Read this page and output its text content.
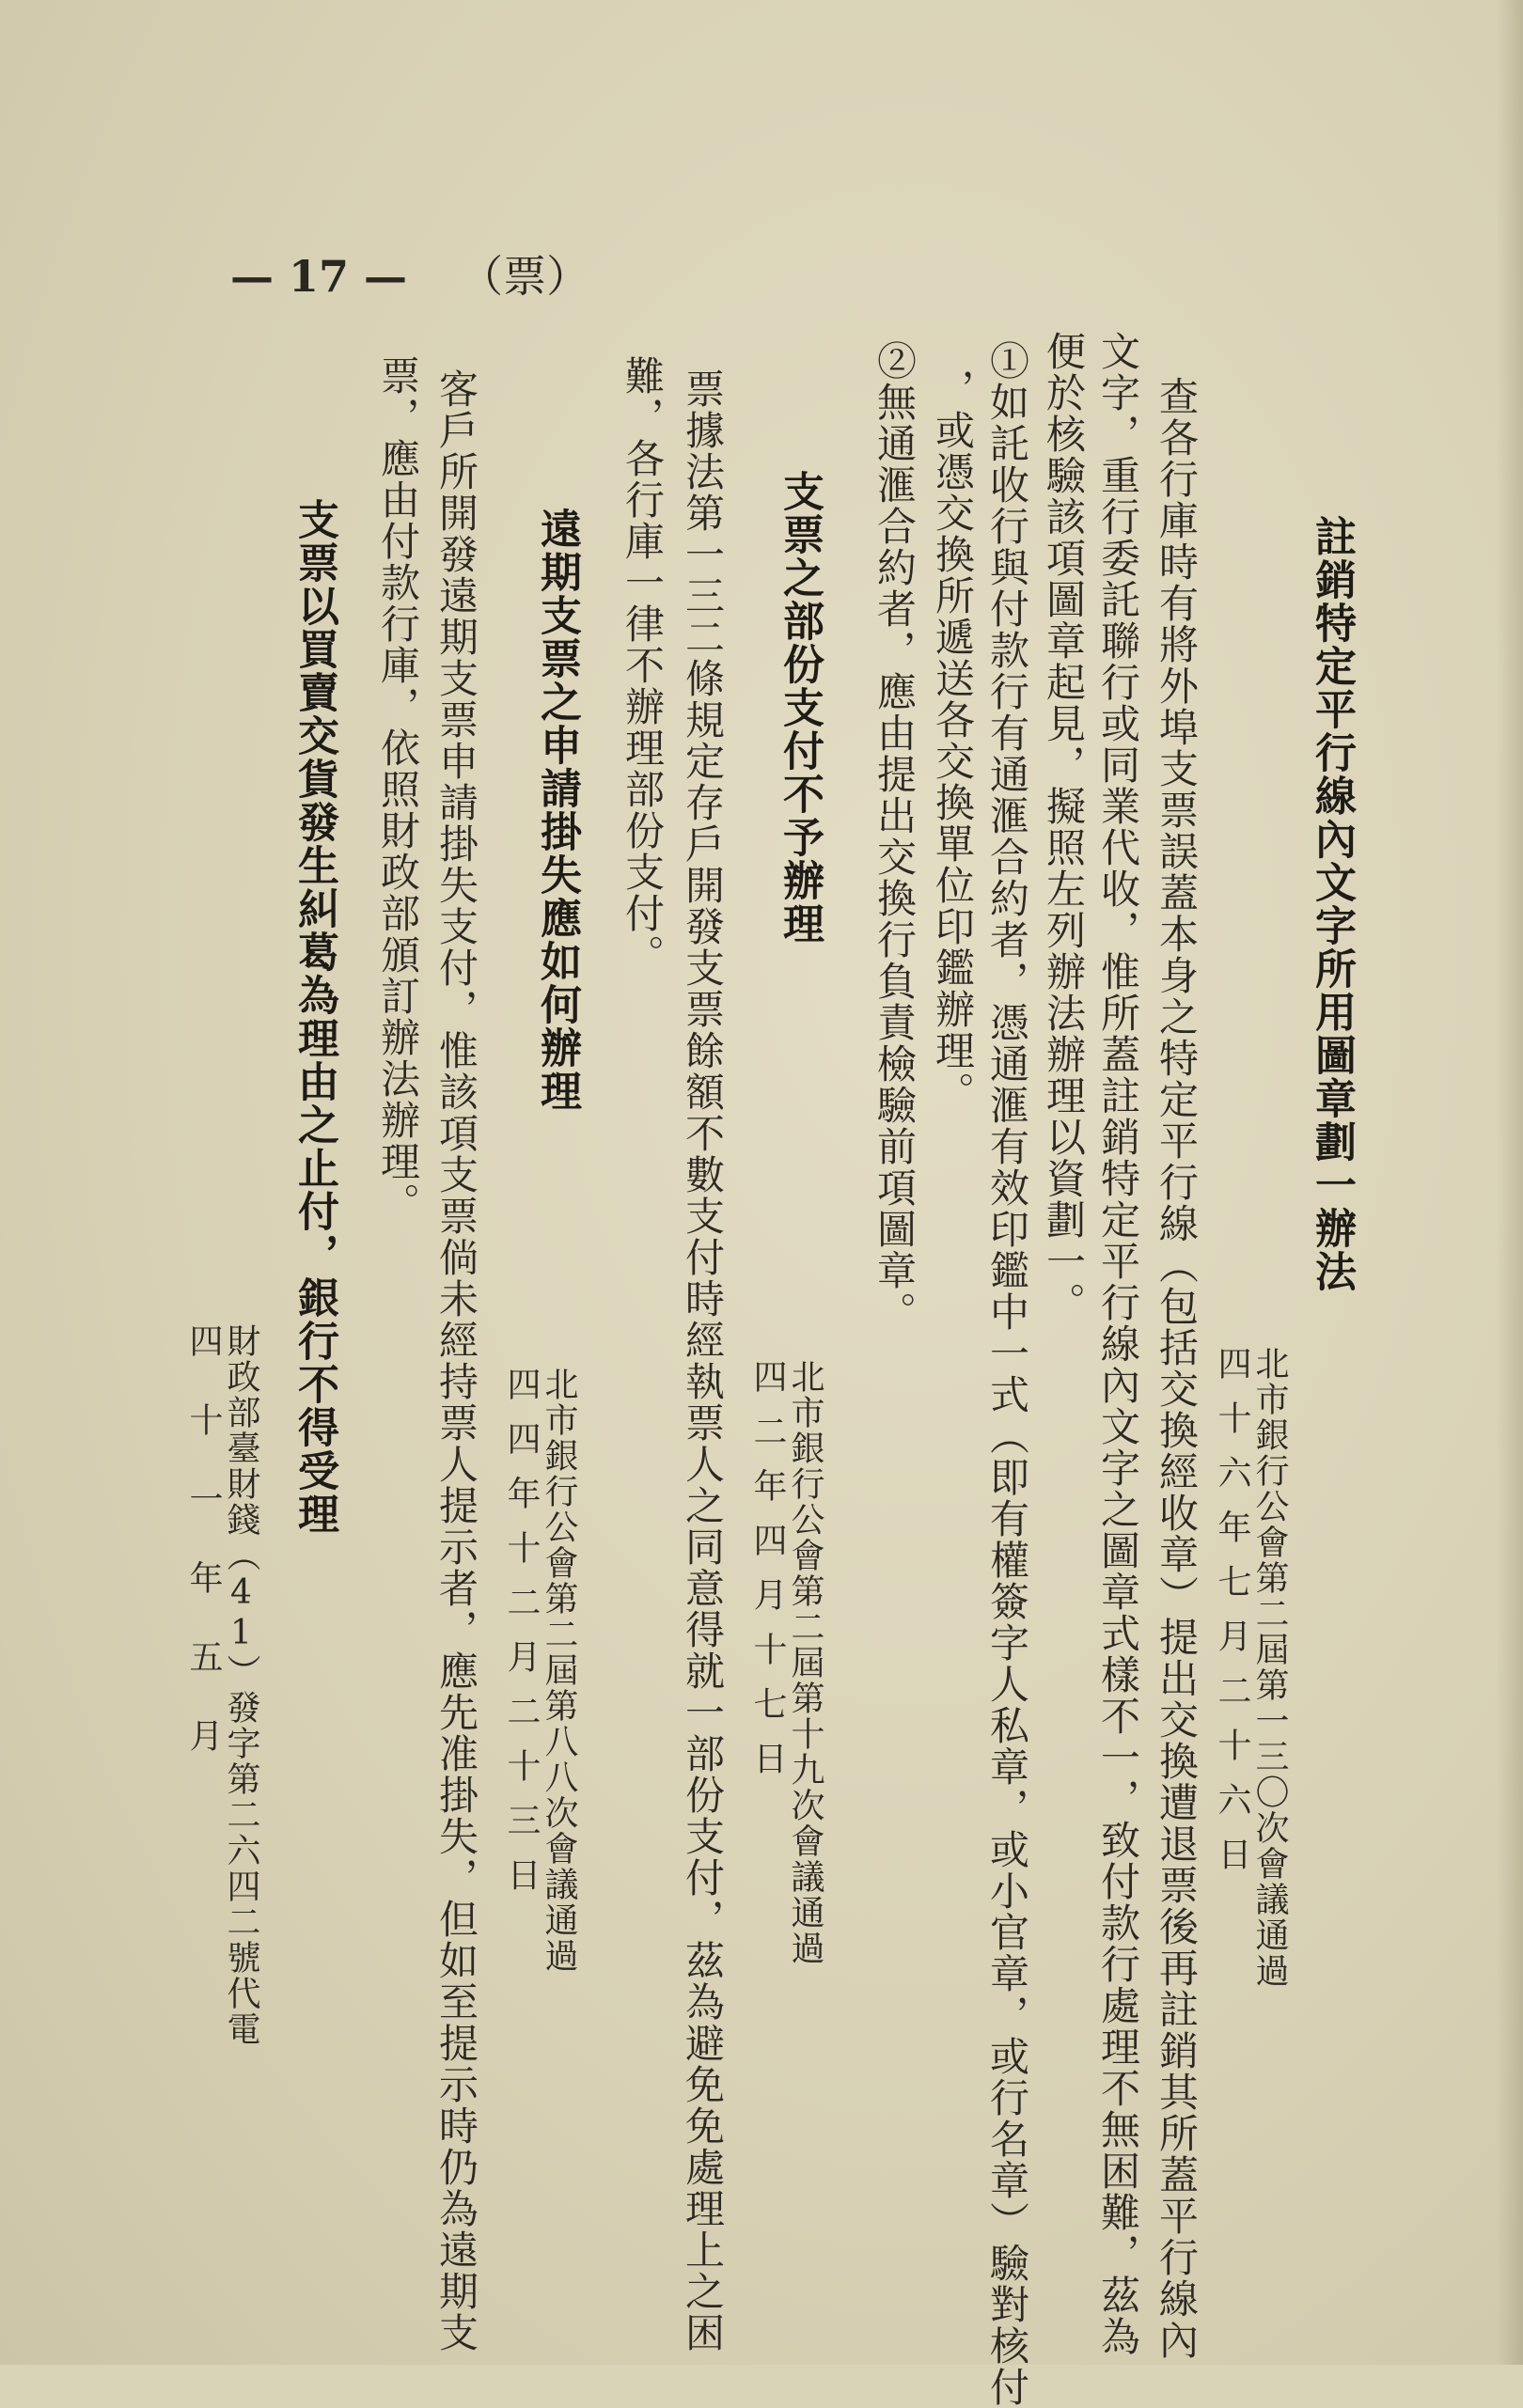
註銷特定平行線內文字所用圖章劃一辦法
北市銀行公會第二屆第一三〇次會議通過
四十六年七月二十六日
查各行庫時有將外埠支票誤蓋本身之特定平行線（包括交換經收章）提出交換遭退票後再註銷其所蓋平行線內
文字，重行委託聯行或同業代收，惟所蓋註銷特定平行線內文字之圖章式樣不一，致付款行處理不無困難，茲為
便於核驗該項圖章起見，擬照左列辦法辦理以資劃一。
①如託收行與付款行有通滙合約者，憑通滙有效印鑑中一式（即有權簽字人私章，或小官章，或行名章）驗對核付
，或憑交換所遞送各交換單位印鑑辦理。
②無通滙合約者，應由提出交換行負責檢驗前項圖章。
支票之部份支付不予辦理
北市銀行公會第二屆第十九次會議通過
四二年四月十七日
票據法第一三二條規定存戶開發支票餘額不數支付時經執票人之同意得就一部份支付，茲為避免免處理上之困
難，各行庫一律不辦理部份支付。
遠期支票之申請掛失應如何辦理
北市銀行公會第二屆第八八次會議通過
四四年十二月二十三日
客戶所開發遠期支票申請掛失支付，惟該項支票倘未經持票人提示者，應先准掛失，但如至提示時仍為遠期支
票，應由付款行庫，依照財政部頒訂辦法辦理。
支票以買賣交貨發生糾葛為理由之止付，銀行不得受理
財政部臺財錢（41）發字第二六四二號代電
四十一年五月
— 17 — （票）
